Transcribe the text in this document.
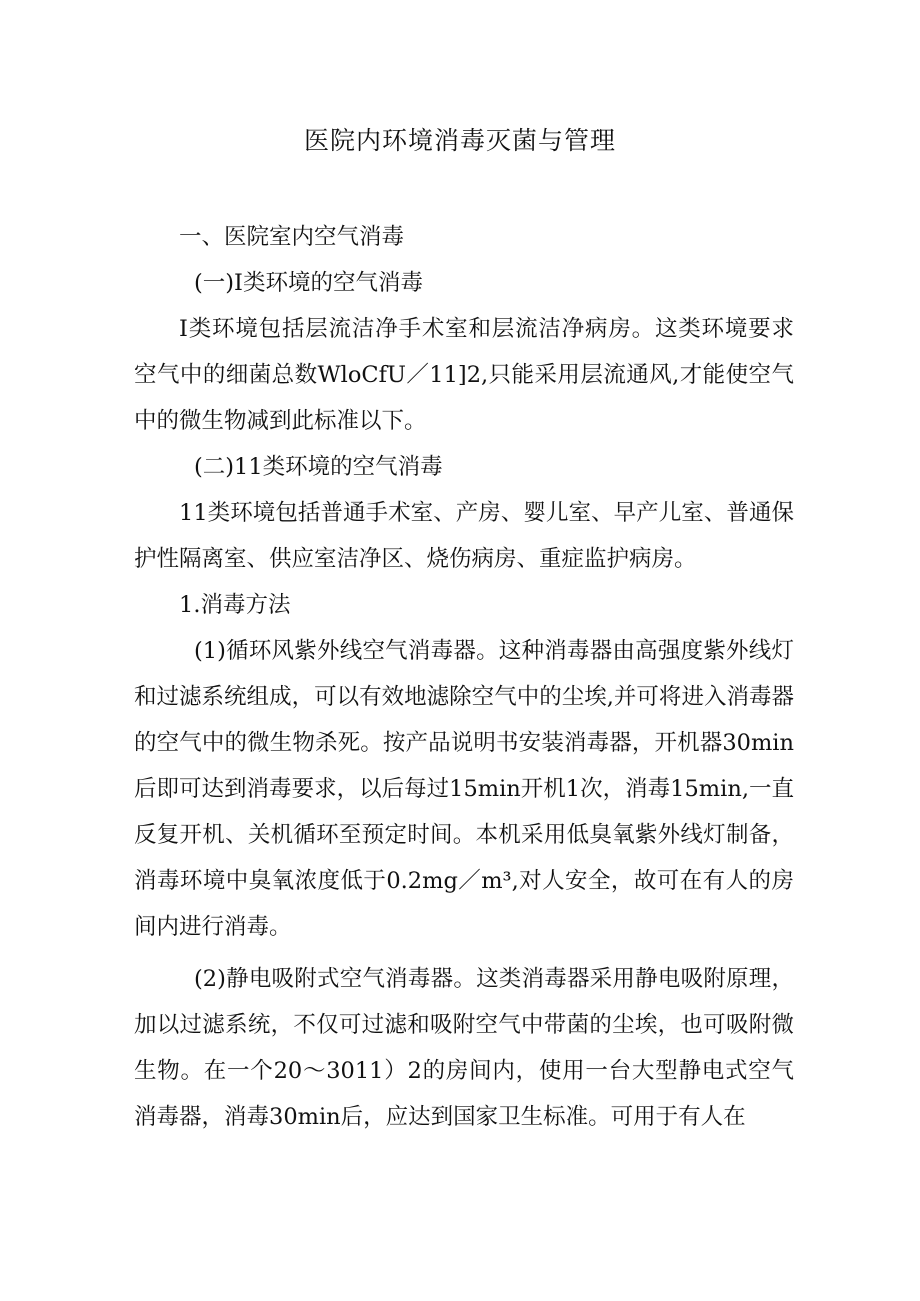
医院内环境消毒灭菌与管理

一、医院室内空气消毒

(一)I类环境的空气消毒

I类环境包括层流洁净手术室和层流洁净病房。这类环境要求空气中的细菌总数WloCfU／11]2,只能采用层流通风,才能使空气中的微生物减到此标准以下。

(二)11类环境的空气消毒

11类环境包括普通手术室、产房、婴儿室、早产儿室、普通保护性隔离室、供应室洁净区、烧伤病房、重症监护病房。

1.消毒方法

(1)循环风紫外线空气消毒器。这种消毒器由高强度紫外线灯和过滤系统组成，可以有效地滤除空气中的尘埃,并可将进入消毒器的空气中的微生物杀死。按产品说明书安装消毒器，开机器30min后即可达到消毒要求，以后每过15min开机1次，消毒15min,一直反复开机、关机循环至预定时间。本机采用低臭氧紫外线灯制备，消毒环境中臭氧浓度低于0.2mg／m³,对人安全，故可在有人的房间内进行消毒。

(2)静电吸附式空气消毒器。这类消毒器采用静电吸附原理，加以过滤系统，不仅可过滤和吸附空气中带菌的尘埃，也可吸附微生物。在一个20～3011）2的房间内，使用一台大型静电式空气消毒器，消毒30min后，应达到国家卫生标准。可用于有人在
